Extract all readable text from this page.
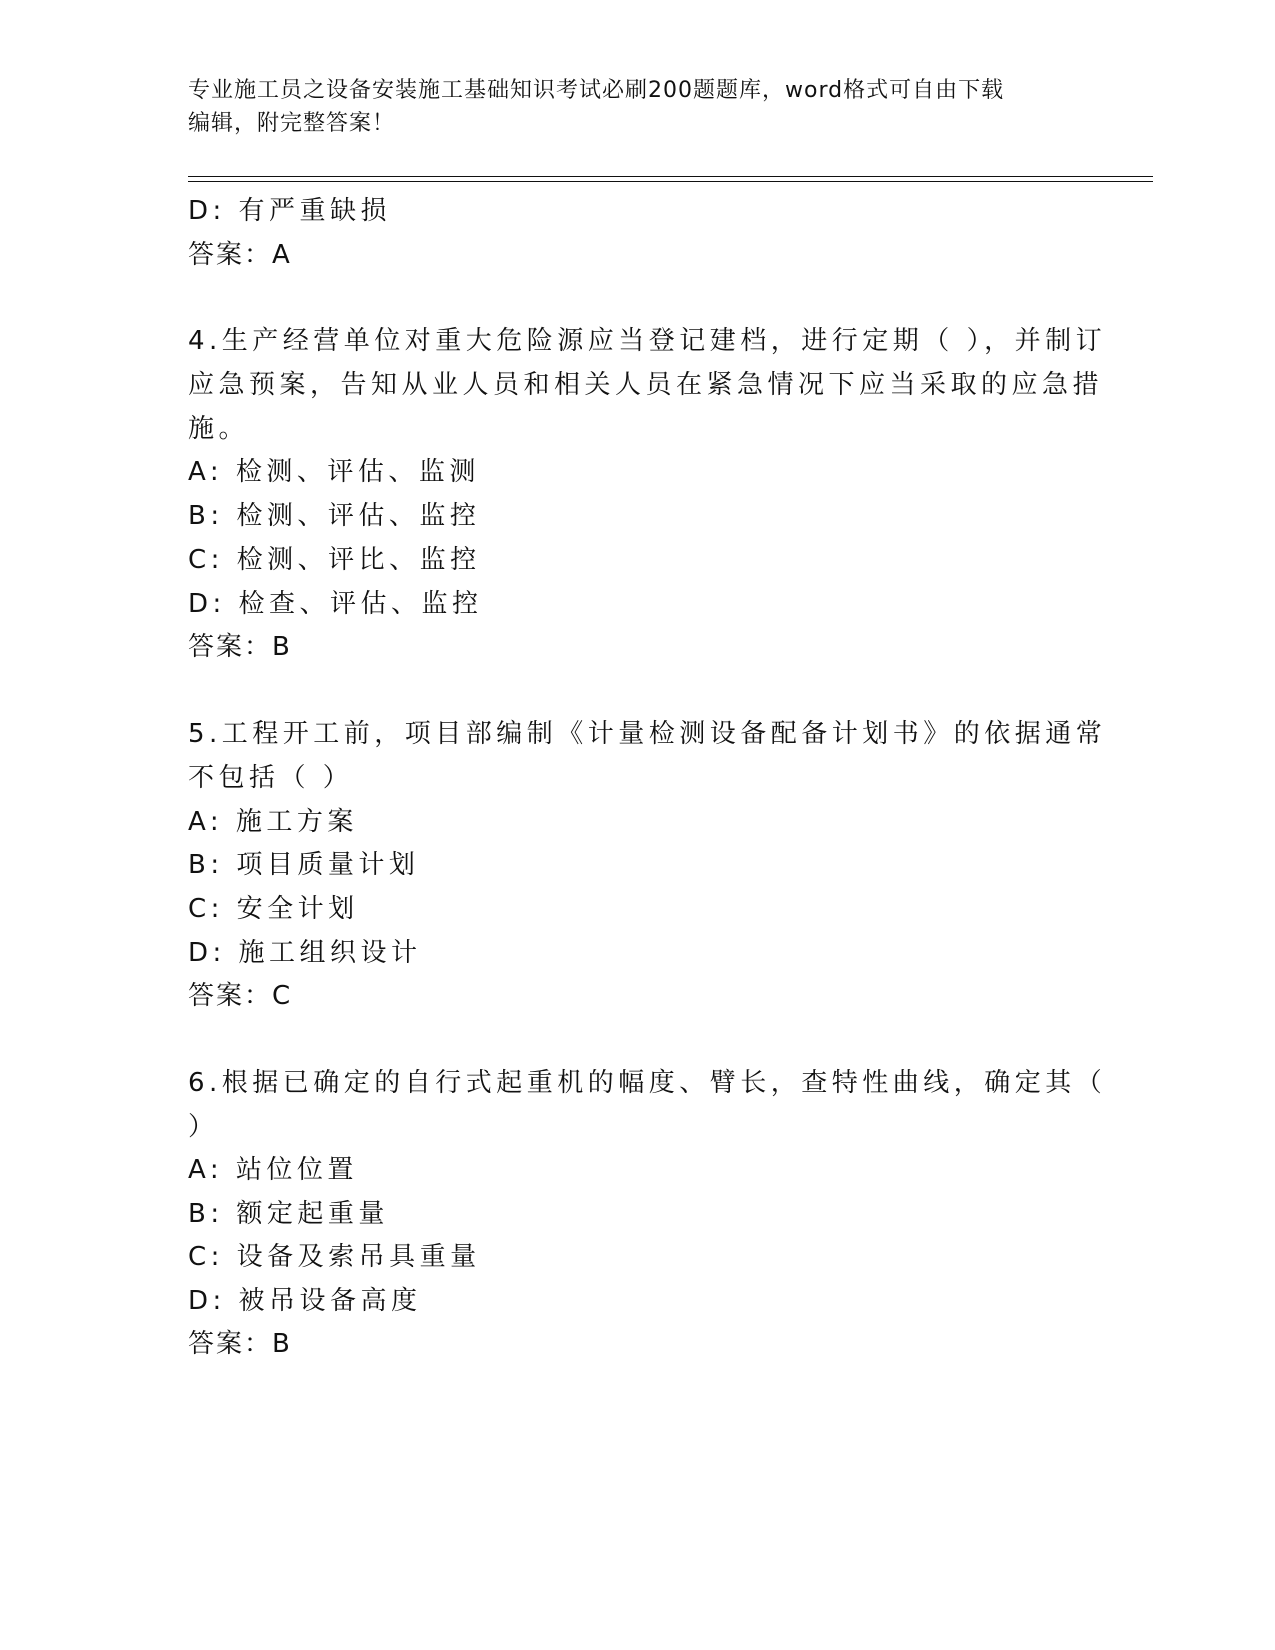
专业施工员之设备安装施工基础知识考试必刷200题题库，word格式可自由下载
编辑，附完整答案！
D: 有严重缺损
答案：A
4.生产经营单位对重大危险源应当登记建档，进行定期（ ），并制订
应急预案，告知从业人员和相关人员在紧急情况下应当采取的应急措
施。
A: 检测、评估、监测
B: 检测、评估、监控
C: 检测、评比、监控
D: 检查、评估、监控
答案：B
5.工程开工前，项目部编制《计量检测设备配备计划书》的依据通常
不包括（ ）
A: 施工方案
B: 项目质量计划
C: 安全计划
D: 施工组织设计
答案：C
6.根据已确定的自行式起重机的幅度、臂长，查特性曲线，确定其（
）
A: 站位位置
B: 额定起重量
C: 设备及索吊具重量
D: 被吊设备高度
答案：B
